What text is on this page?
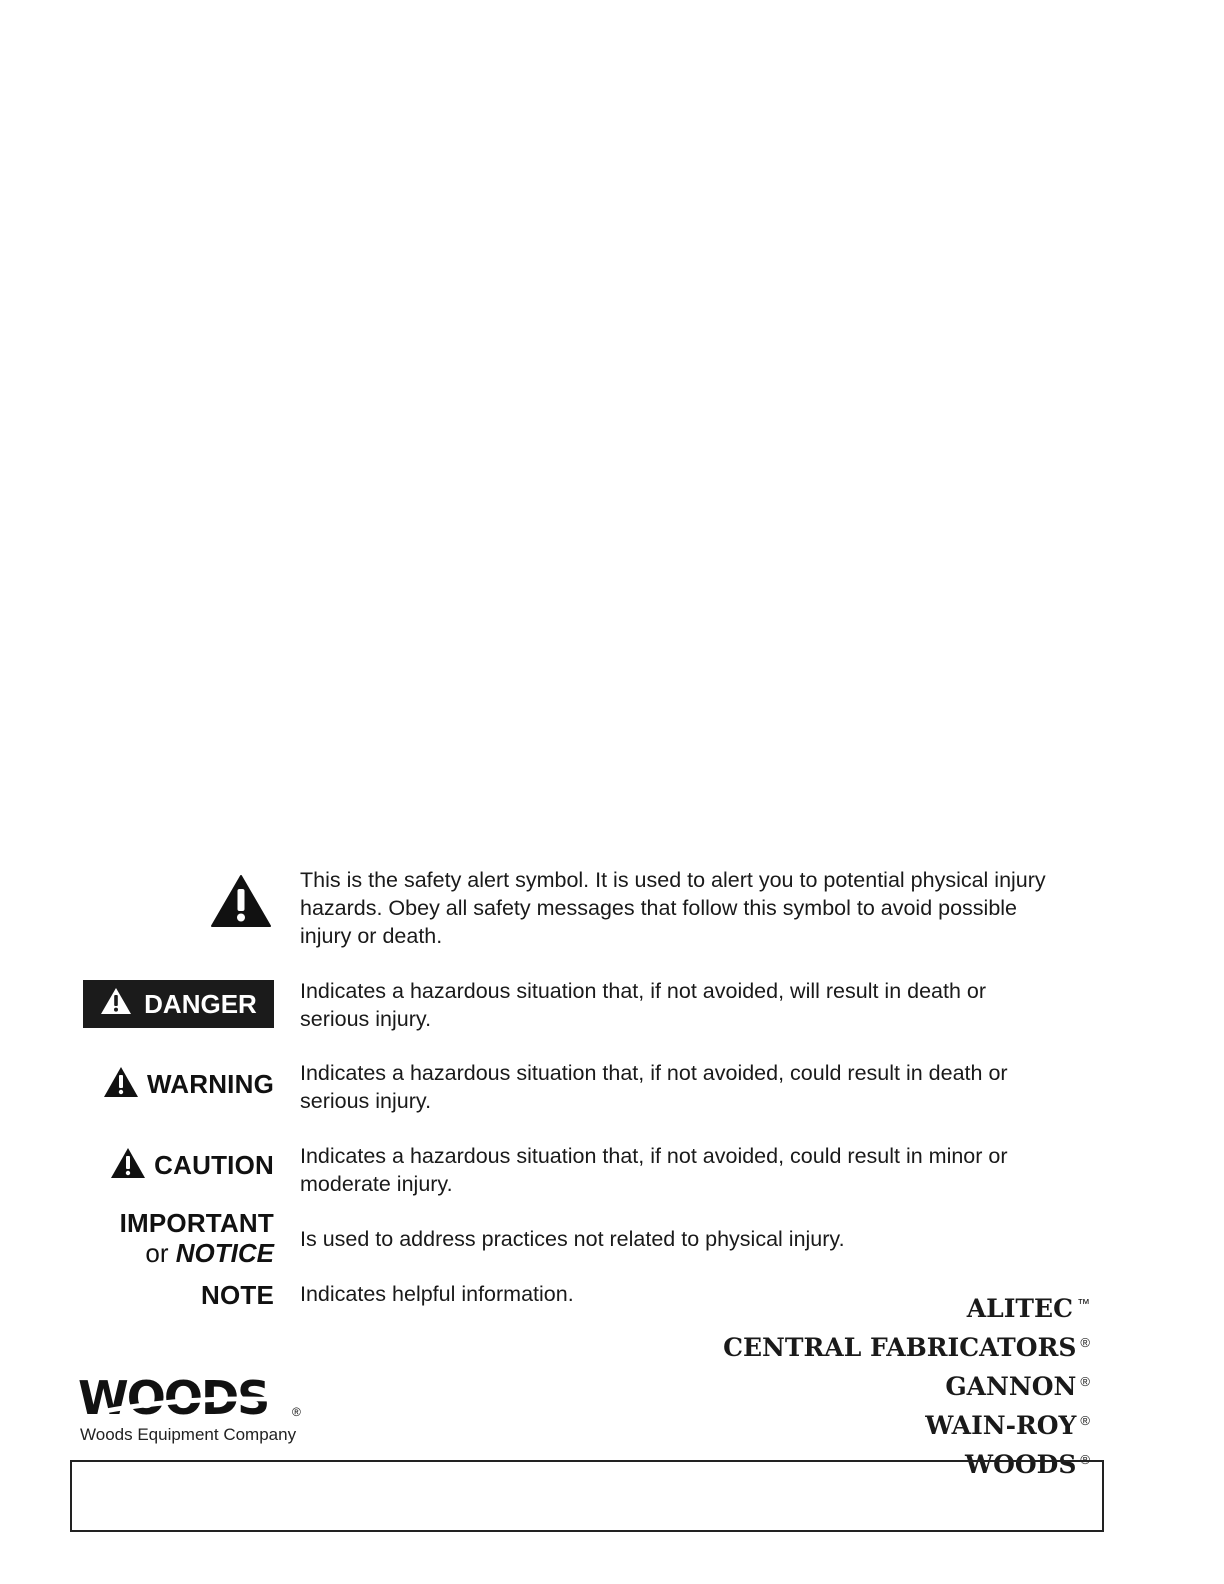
This is the safety alert symbol. It is used to alert you to potential physical injury hazards. Obey all safety messages that follow this symbol to avoid possible injury or death.
DANGER Indicates a hazardous situation that, if not avoided, will result in death or serious injury.
WARNING Indicates a hazardous situation that, if not avoided, could result in death or serious injury.
CAUTION Indicates a hazardous situation that, if not avoided, could result in minor or moderate injury.
IMPORTANT
or NOTICE Is used to address practices not related to physical injury.
NOTE Indicates helpful information.	ALITEC ™
CENTRAL FABRICATORS ®
GANNON ®
WAIN-ROY ®
WOODS ®
WOODS ®
Woods Equipment Company
